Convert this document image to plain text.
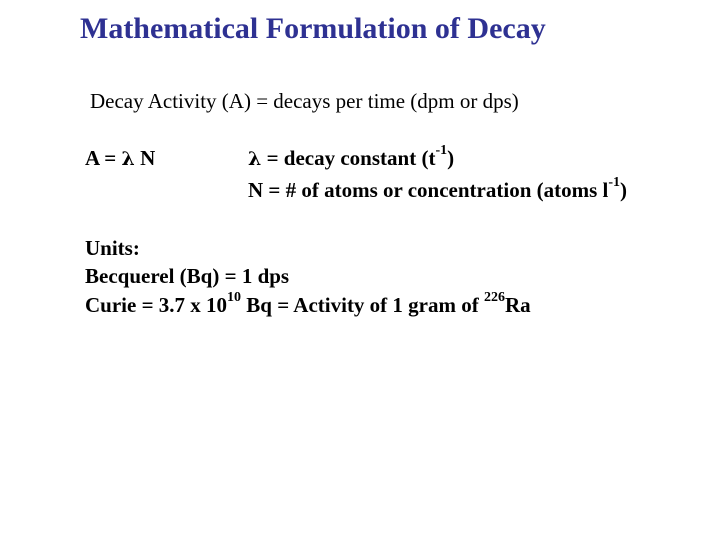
Mathematical Formulation of Decay
Decay Activity (A) = decays per time (dpm or dps)
A = λ N	λ = decay constant $(t^{-1})$
N = # of atoms or concentration (atoms $l^{-1}$)
Units:
Becquerel (Bq) = 1 dps
Curie = 3.7 x $10^{10}$ Bq = Activity of 1 gram of $^{226}$Ra
